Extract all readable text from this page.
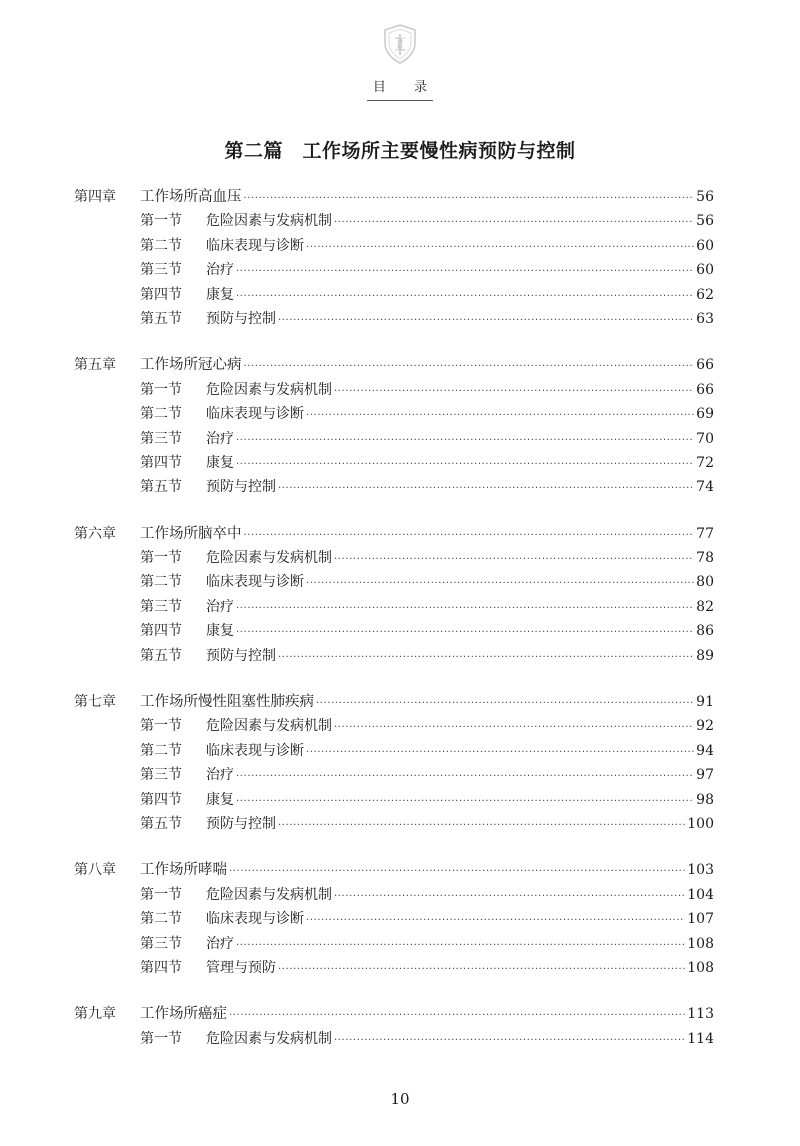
目 录
第二篇　工作场所主要慢性病预防与控制
第四章	工作场所高血压 ·····	56
第一节	危险因素与发病机制 ·····	56
第二节	临床表现与诊断 ·····	60
第三节	治疗 ·····	60
第四节	康复 ·····	62
第五节	预防与控制 ·····	63
第五章	工作场所冠心病 ·····	66
第一节	危险因素与发病机制 ·····	66
第二节	临床表现与诊断 ·····	69
第三节	治疗 ·····	70
第四节	康复 ·····	72
第五节	预防与控制 ·····	74
第六章	工作场所脑卒中 ·····	77
第一节	危险因素与发病机制 ·····	78
第二节	临床表现与诊断 ·····	80
第三节	治疗 ·····	82
第四节	康复 ·····	86
第五节	预防与控制 ·····	89
第七章	工作场所慢性阻塞性肺疾病 ·····	91
第一节	危险因素与发病机制 ·····	92
第二节	临床表现与诊断 ·····	94
第三节	治疗 ·····	97
第四节	康复 ·····	98
第五节	预防与控制 ·····	100
第八章	工作场所哮喘 ·····	103
第一节	危险因素与发病机制 ·····	104
第二节	临床表现与诊断 ·····	107
第三节	治疗 ·····	108
第四节	管理与预防 ·····	108
第九章	工作场所癌症 ·····	113
第一节	危险因素与发病机制 ·····	114
10
